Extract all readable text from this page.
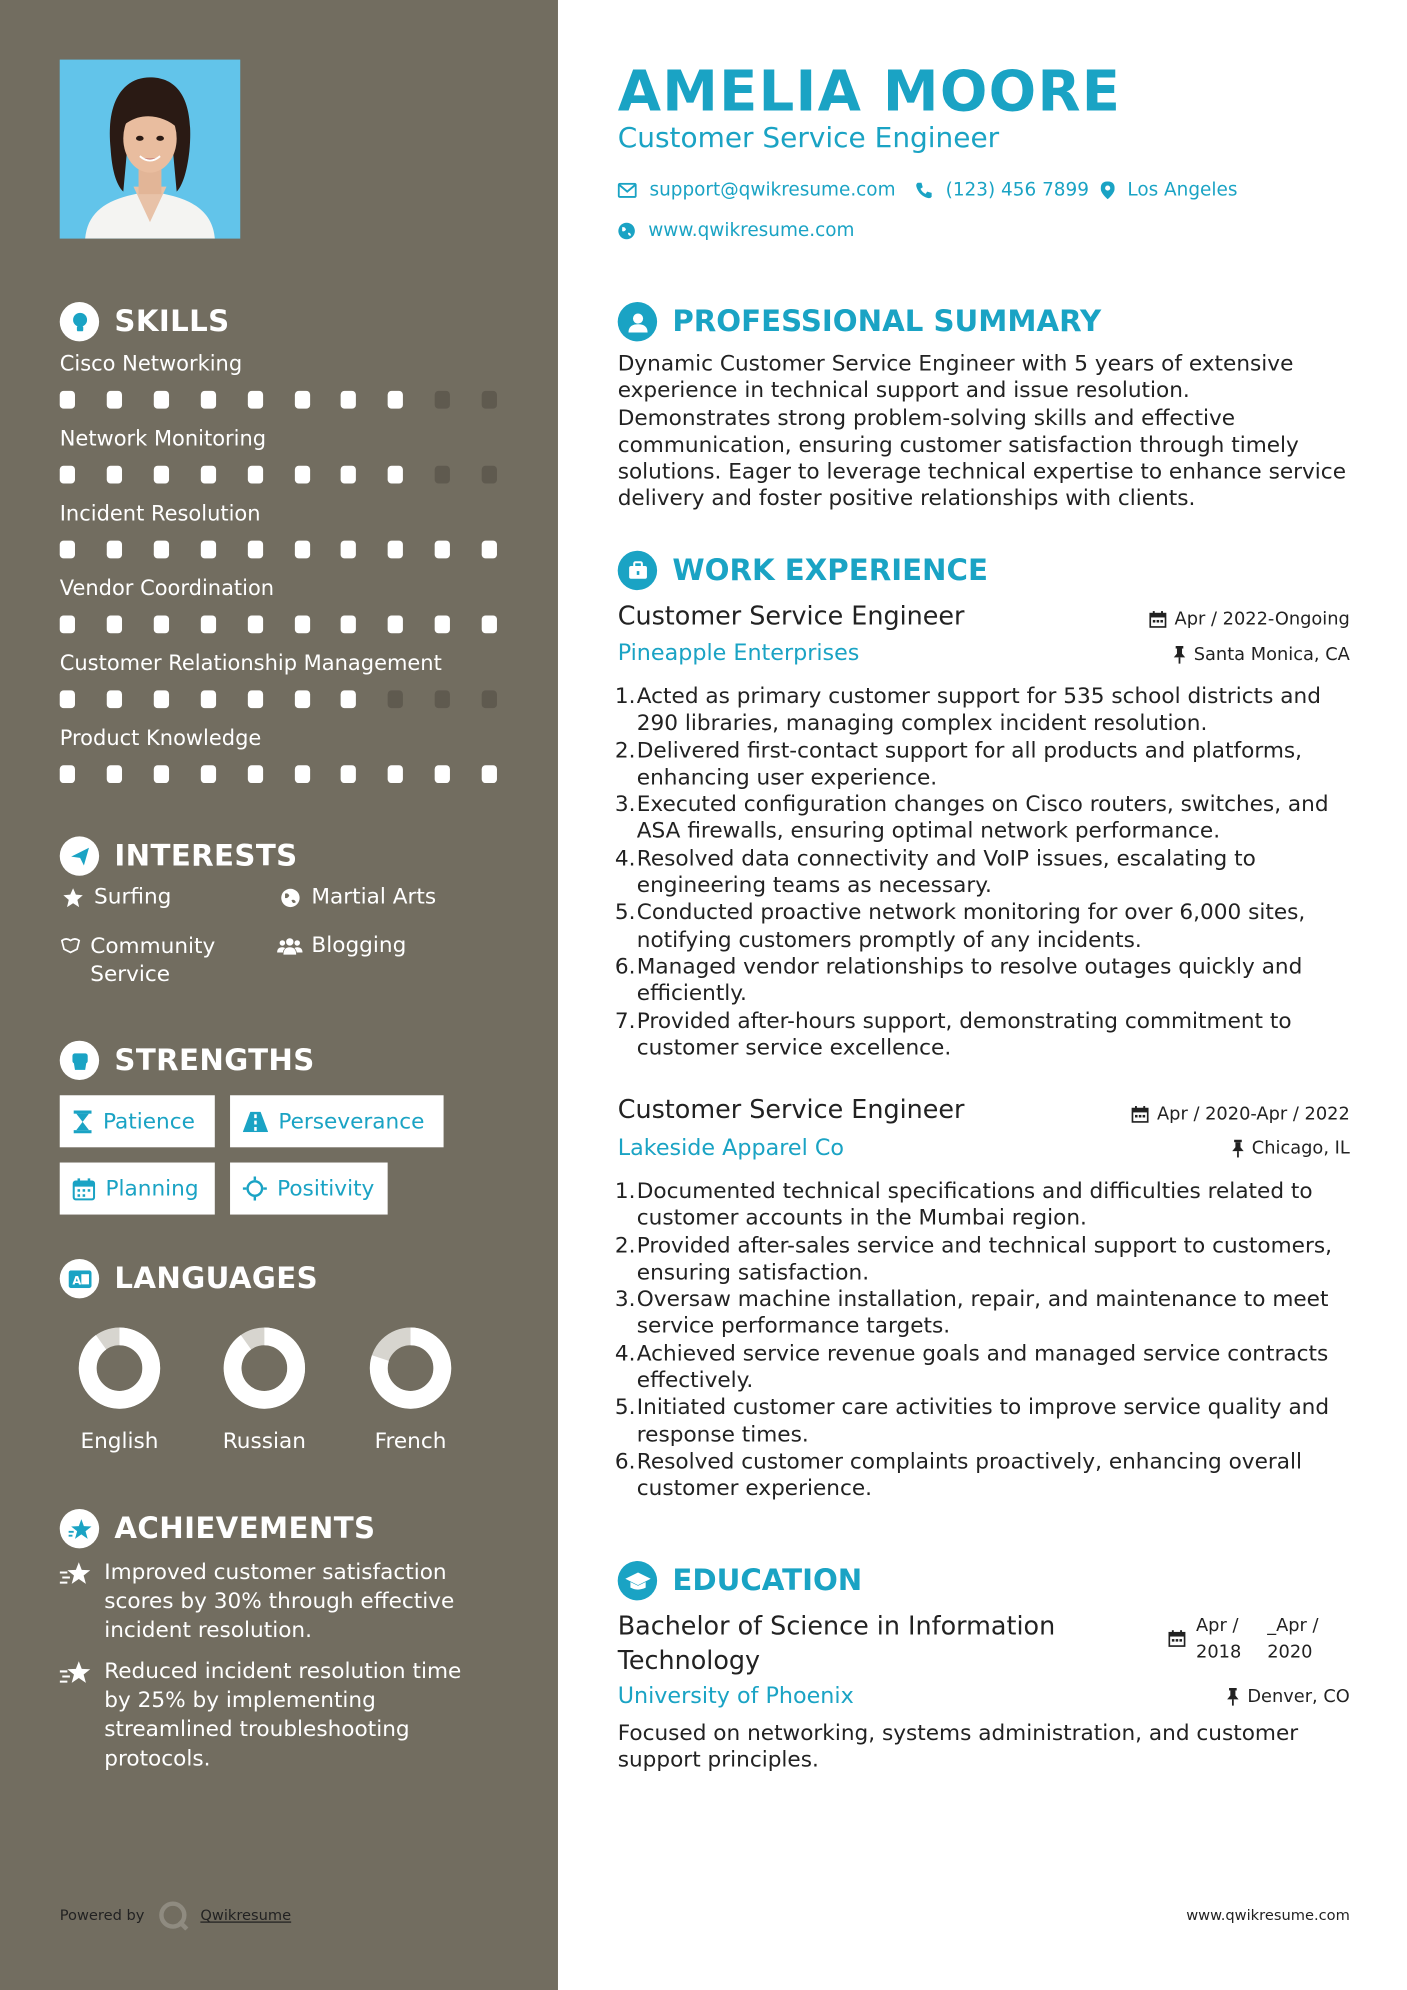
SKILLS
Cisco Networking
Network Monitoring
Incident Resolution
Vendor Coordination
Customer Relationship Management
Product Knowledge
INTERESTS
Surfing	Martial Arts
Community Service
Blogging
STRENGTHS
Patience	Perseverance
Planning	Positivity
A LANGUAGES
English	Russian	French
ACHIEVEMENTS
Improved customer satisfaction scores by 30% through effective incident resolution.
Reduced incident resolution time by 25% by implementing streamlined troubleshooting protocols.
Powered by	Qwikresume
AMELIA MOORE
Customer Service Engineer
support@qwikresume.com	(123) 456 7899	Los Angeles
www.qwikresume.com
PROFESSIONAL SUMMARY
Dynamic Customer Service Engineer with 5 years of extensive experience in technical support and issue resolution. Demonstrates strong problem-solving skills and effective communication, ensuring customer satisfaction through timely solutions. Eager to leverage technical expertise to enhance service delivery and foster positive relationships with clients.
WORK EXPERIENCE
Customer Service Engineer
Pineapple Enterprises
Apr / 2022-Ongoing
Santa Monica, CA
1. Acted as primary customer support for 535 school districts and 290 libraries, managing complex incident resolution.
2. Delivered first-contact support for all products and platforms, enhancing user experience.
3. Executed configuration changes on Cisco routers, switches, and ASA firewalls, ensuring optimal network performance.
4. Resolved data connectivity and VoIP issues, escalating to engineering teams as necessary.
5. Conducted proactive network monitoring for over 6,000 sites, notifying customers promptly of any incidents.
6. Managed vendor relationships to resolve outages quickly and efficiently.
7. Provided after-hours support, demonstrating commitment to customer service excellence.
Customer Service Engineer
Lakeside Apparel Co
Apr / 2020-Apr / 2022
Chicago, IL
1. Documented technical specifications and difficulties related to customer accounts in the Mumbai region.
2. Provided after-sales service and technical support to customers, ensuring satisfaction.
3. Oversaw machine installation, repair, and maintenance to meet service performance targets.
4. Achieved service revenue goals and managed service contracts effectively.
5. Initiated customer care activities to improve service quality and response times.
6. Resolved customer complaints proactively, enhancing overall customer experience.
EDUCATION
Bachelor of Science in Information Technology
University of Phoenix
Apr / 2018
_Apr / 2020
Denver, CO
Focused on networking, systems administration, and customer support principles.
www.qwikresume.com
